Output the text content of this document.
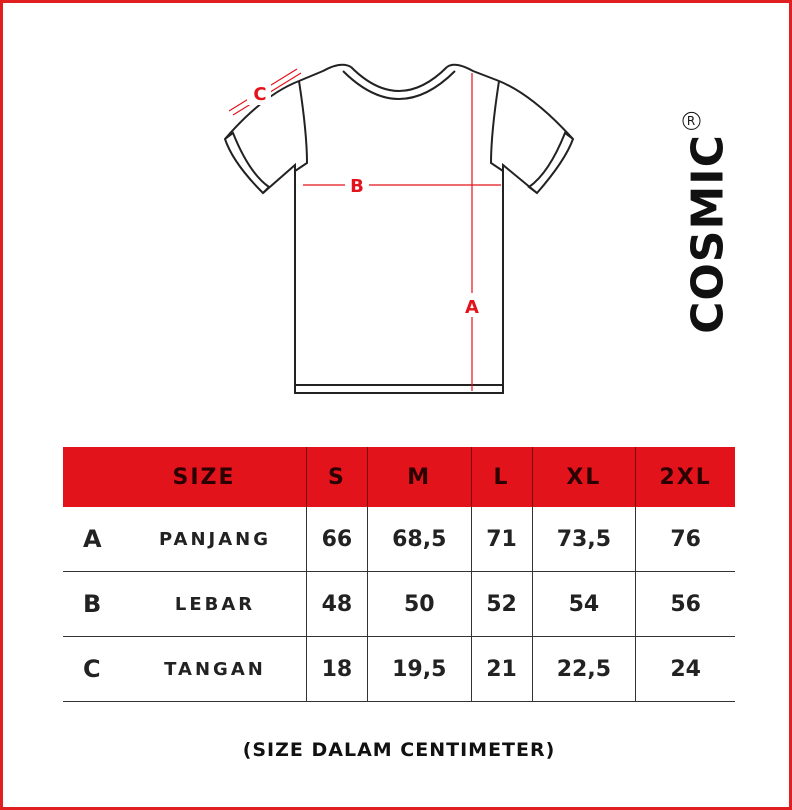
A
B
C
COSMICR
SIZE		S	M	L	XL	2XL
A	PANJANG	66	68,5	71	73,5	76
B	LEBAR	48	50	52	54	56
C	TANGAN	18	19,5	21	22,5	24
(SIZE DALAM CENTIMETER)
